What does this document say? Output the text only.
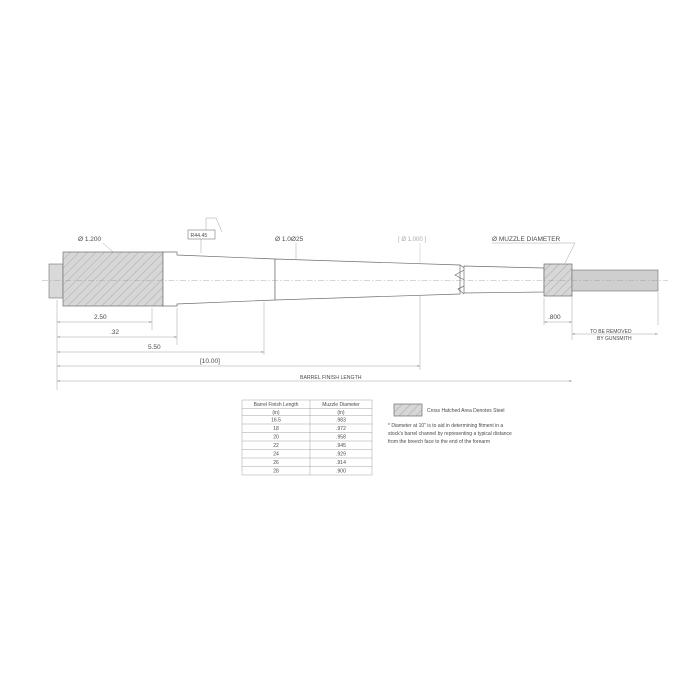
Ø 1.200
R44.45
Ø 1.0Ø25	[ Ø 1.000 ]	Ø MUZZLE DIAMETER
2.50
.32
5.50
[10.00]
.800
BARREL FINISH LENGTH
TO BE REMOVED
BY GUNSMITH
Barrel Finish Length	Muzzle Diameter
(in)	(in)
16.5	.983
18	.972
20	.958
22	.945
24	.929
26	.914
28	.900
Cross Hatched Area Denotes Steel
* Diameter at 10" is to aid in determining fitment in a
stock's barrel channel by representing a typical distance
from the breech face to the end of the forearm
